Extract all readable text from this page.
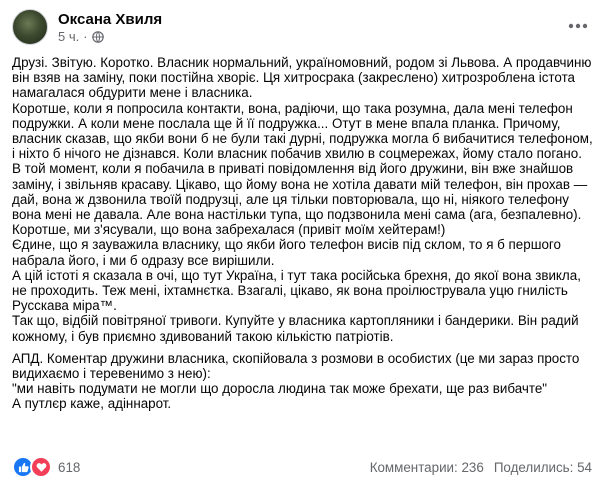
Оксана Хвиля
5 ч. ·

Друзі. Звітую. Коротко. Власник нормальний, україномовний, родом зі Львова. А продавчиню він взяв на заміну, поки постійна хворіє. Ця хитросрака (закреслено) хитрозроблена істота намагалася обдурити мене і власника.

Коротше, коли я попросила контакти, вона, радіючи, що така розумна, дала мені телефон подружки. А коли мене послала ще й її подружка... Отут в мене впала планка. Причому, власник сказав, що якби вони б не були такі дурні, подружка могла б вибачитися телефоном, і ніхто б нічого не дізнався. Коли власник побачив хвилю в соцмережах, йому стало погано.

В той момент, коли я побачила в приваті повідомлення від його дружини, він вже знайшов заміну, і звільняв красаву. Цікаво, що йому вона не хотіла давати мій телефон, він прохав — дай, вона ж дзвонила твоїй подрузці, але ця тільки повторювала, що ні, ніякого телефону вона мені не давала. Але вона настільки тупа, що подзвонила мені сама (ага, безпалевно).

Коротше, ми з'ясували, що вона забрехалася (привіт моїм хейтерам!)

Єдине, що я зауважила власнику, що якби його телефон висів під склом, то я б першого набрала його, і ми б одразу все вирішили.

А цій істоті я сказала в очі, що тут Україна, і тут така російська брехня, до якої вона звикла, не проходить. Теж мені, іхтамнєтка. Взагалі, цікаво, як вона проілюструвала уцю гнилість Русскава міра™.

Так що, відбій повітряної тривоги. Купуйте у власника картопляники і бандерики. Він радий кожному, і був приємно здивований такою кількістю патріотів.

АПД. Коментар дружини власника, скопійовала з розмови в особистих (це ми зараз просто видихаємо і теревенимо з нею):

"ми навіть подумати не могли що доросла людина так може брехати, ще раз вибачте"

А путлєр каже, адіннарот.

618	Комментарии: 236 Поделились: 54
